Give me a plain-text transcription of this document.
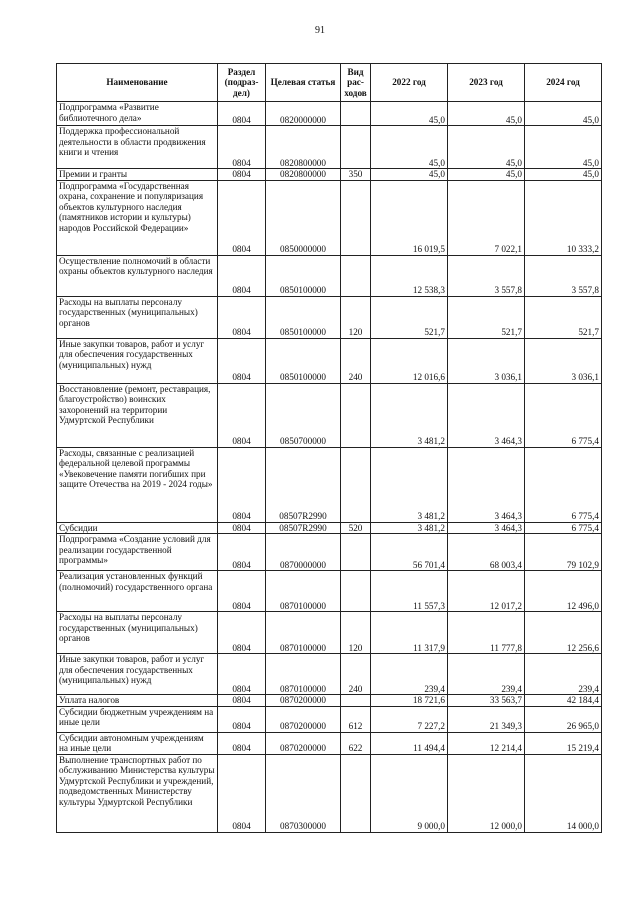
91
Наименование	Раздел (подраз-дел)	Целевая статья	Вид рас-ходов	2022 год	2023 год	2024 год
Подпрограмма «Развитие библиотечного дела»	0804	0820000000		45,0	45,0	45,0
Поддержка профессиональной деятельности в области продвижения книги и чтения	0804	0820800000		45,0	45,0	45,0
Премии и гранты	0804	0820800000	350	45,0	45,0	45,0
Подпрограмма «Государственная охрана, сохранение и популяризация объектов культурного наследия (памятников истории и культуры) народов Российской Федерации»	0804	0850000000		16 019,5	7 022,1	10 333,2
Осуществление полномочий в области охраны объектов культурного наследия	0804	0850100000		12 538,3	3 557,8	3 557,8
Расходы на выплаты персоналу государственных (муниципальных) органов	0804	0850100000	120	521,7	521,7	521,7
Иные закупки товаров, работ и услуг для обеспечения государственных (муниципальных) нужд	0804	0850100000	240	12 016,6	3 036,1	3 036,1
Восстановление (ремонт, реставрация, благоустройство) воинских захоронений на территории Удмуртской Республики	0804	0850700000		3 481,2	3 464,3	6 775,4
Расходы, связанные с реализацией федеральной целевой программы «Увековечение памяти погибших при защите Отечества на 2019 - 2024 годы»	0804	08507R2990		3 481,2	3 464,3	6 775,4
Субсидии	0804	08507R2990	520	3 481,2	3 464,3	6 775,4
Подпрограмма «Создание условий для реализации государственной программы»	0804	0870000000		56 701,4	68 003,4	79 102,9
Реализация установленных функций (полномочий) государственного органа	0804	0870100000		11 557,3	12 017,2	12 496,0
Расходы на выплаты персоналу государственных (муниципальных) органов	0804	0870100000	120	11 317,9	11 777,8	12 256,6
Иные закупки товаров, работ и услуг для обеспечения государственных (муниципальных) нужд	0804	0870100000	240	239,4	239,4	239,4
Уплата налогов	0804	0870200000		18 721,6	33 563,7	42 184,4
Субсидии бюджетным учреждениям на иные цели	0804	0870200000	612	7 227,2	21 349,3	26 965,0
Субсидии автономным учреждениям на иные цели	0804	0870200000	622	11 494,4	12 214,4	15 219,4
Выполнение транспортных работ по обслуживанию Министерства культуры Удмуртской Республики и учреждений, подведомственных Министерству культуры Удмуртской Республики	0804	0870300000		9 000,0	12 000,0	14 000,0
